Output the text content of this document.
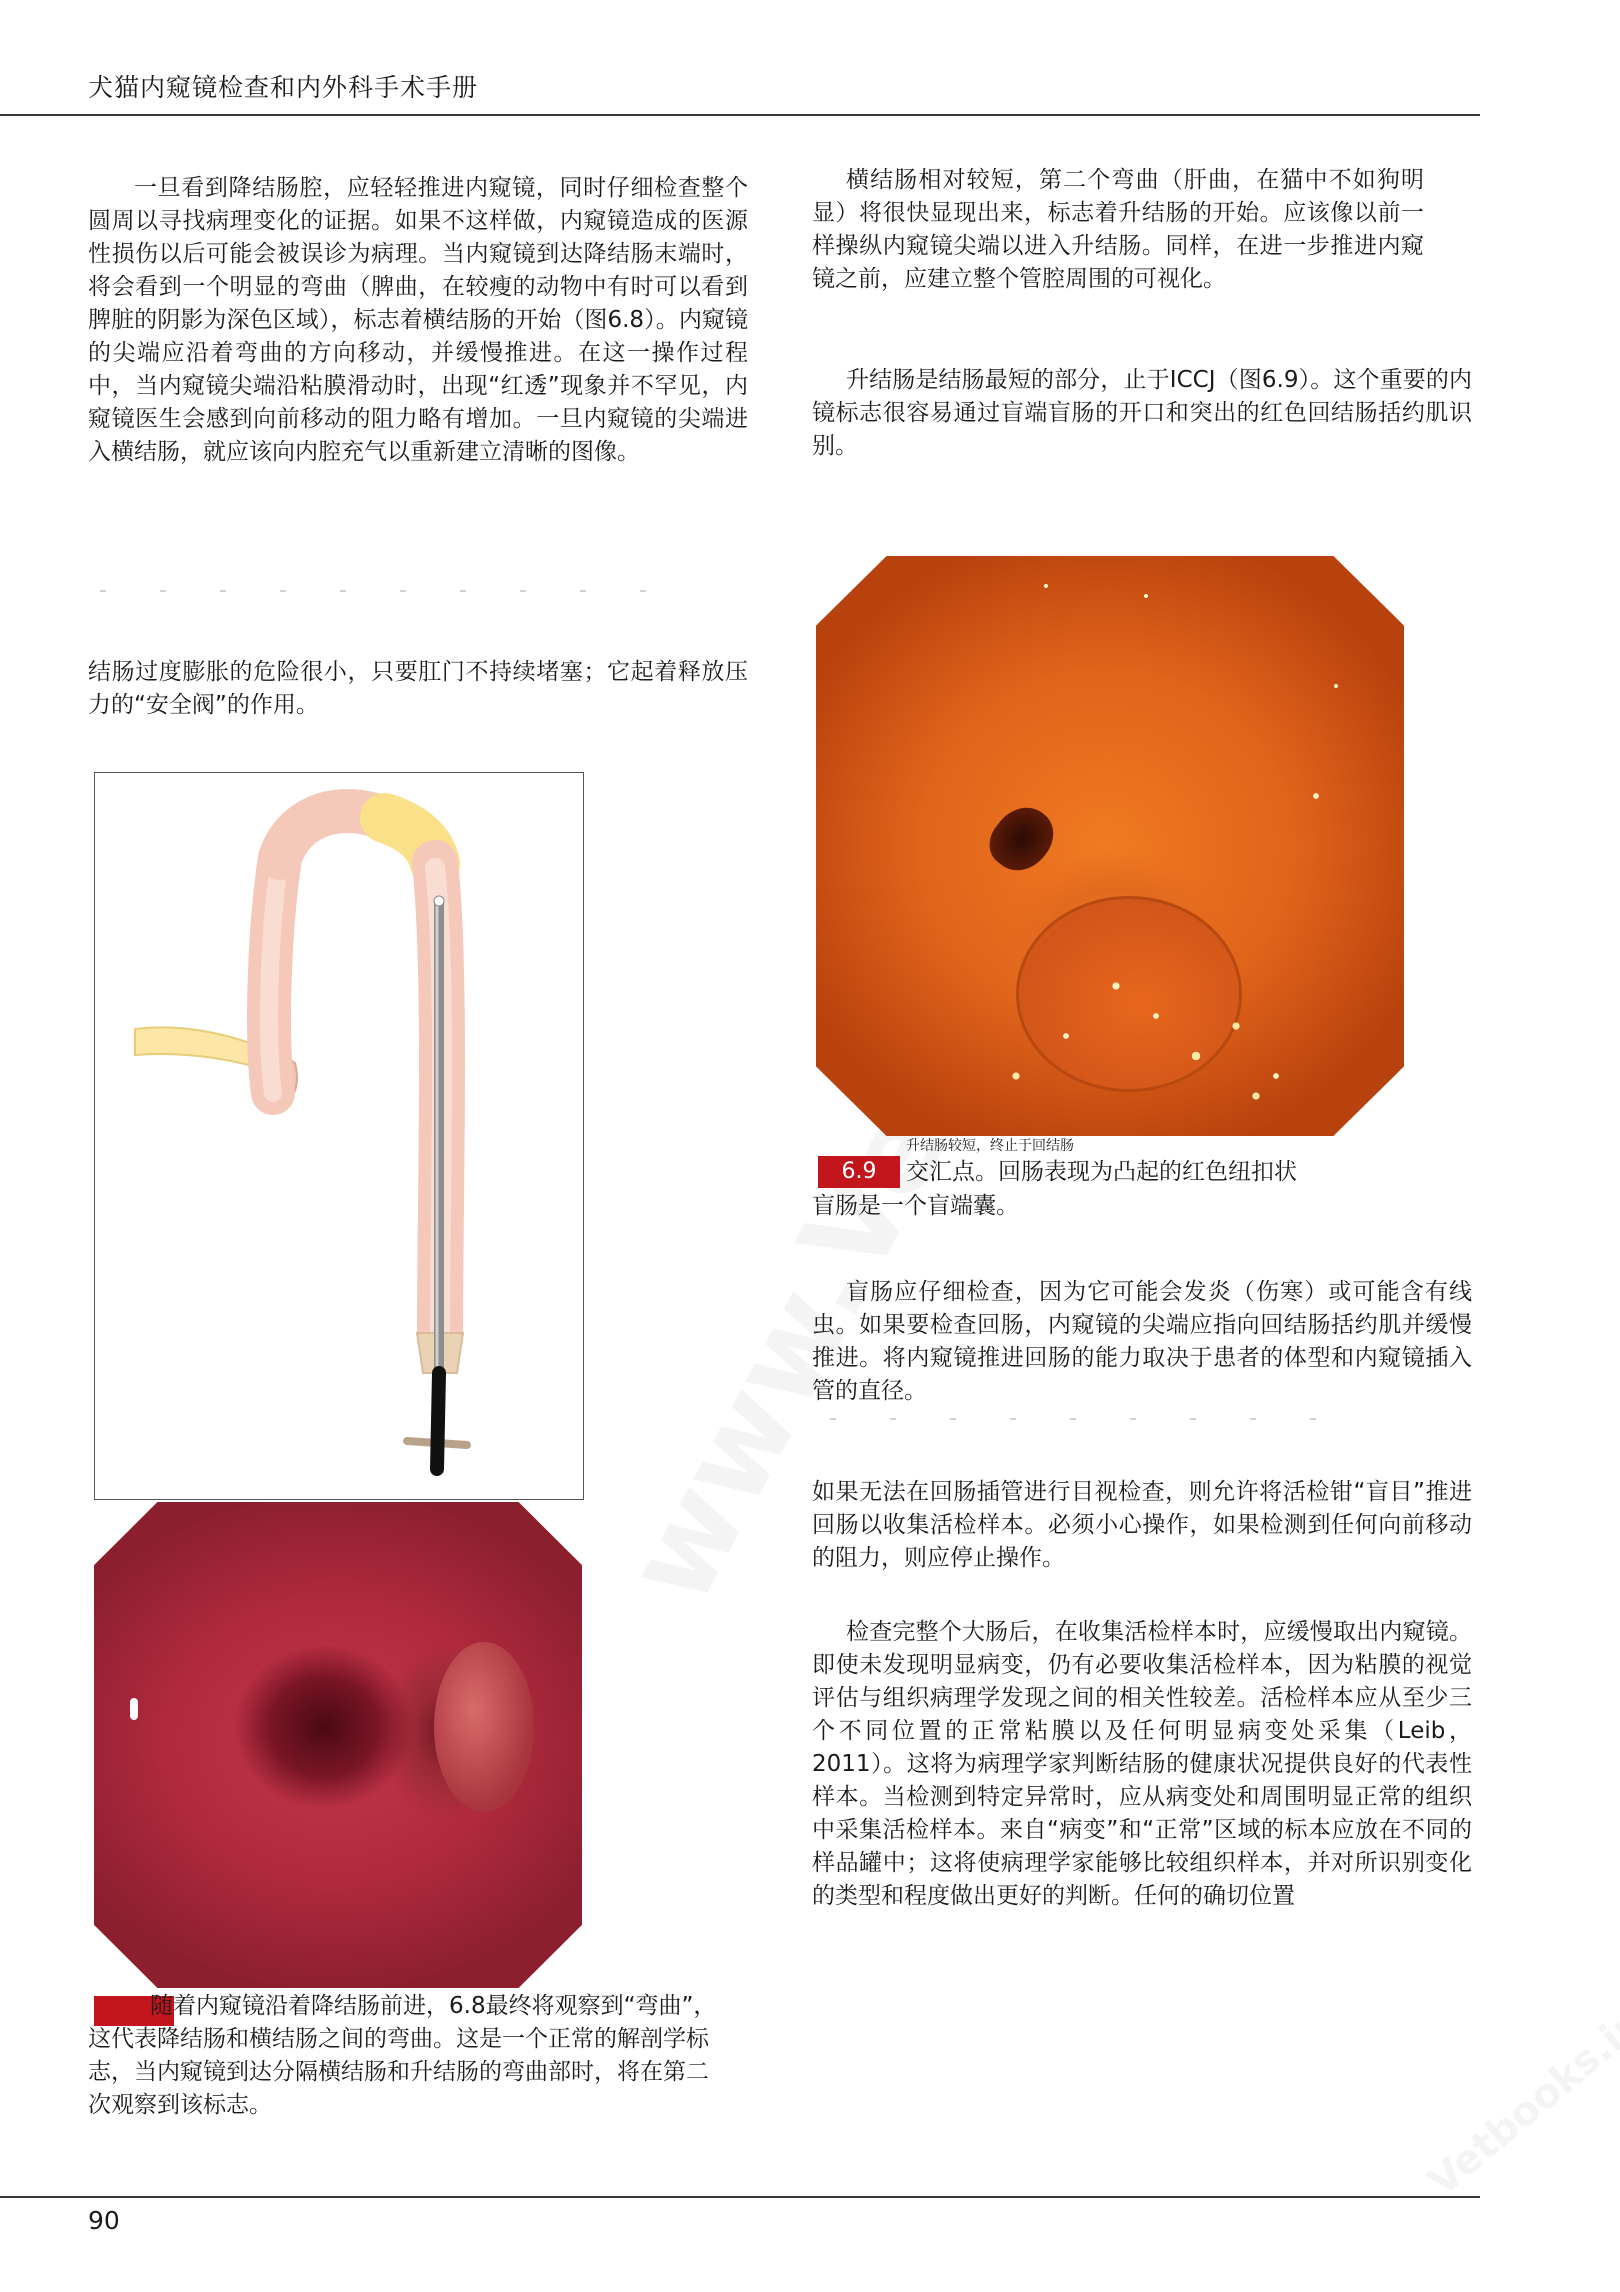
犬猫内窥镜检查和内外科手术手册

一旦看到降结肠腔，应轻轻推进内窥镜，同时仔细检查整个圆周以寻找病理变化的证据。如果不这样做，内窥镜造成的医源性损伤以后可能会被误诊为病理。当内窥镜到达降结肠末端时，将会看到一个明显的弯曲（脾曲，在较瘦的动物中有时可以看到脾脏的阴影为深色区域），标志着横结肠的开始（图6.8）。内窥镜的尖端应沿着弯曲的方向移动，并缓慢推进。在这一操作过程中，当内窥镜尖端沿粘膜滑动时，出现“红透”现象并不罕见，内窥镜医生会感到向前移动的阻力略有增加。一旦内窥镜的尖端进入横结肠，就应该向内腔充气以重新建立清晰的图像。

结肠过度膨胀的危险很小，只要肛门不持续堵塞；它起着释放压力的“安全阀”的作用。

随着内窥镜沿着降结肠前进，6.8最终将观察到“弯曲”，这代表降结肠和横结肠之间的弯曲。这是一个正常的解剖学标志，当内窥镜到达分隔横结肠和升结肠的弯曲部时，将在第二次观察到该标志。

横结肠相对较短，第二个弯曲（肝曲，在猫中不如狗明显）将很快显现出来，标志着升结肠的开始。应该像以前一样操纵内窥镜尖端以进入升结肠。同样，在进一步推进内窥镜之前，应建立整个管腔周围的可视化。

升结肠是结肠最短的部分，止于ICCJ（图6.9）。这个重要的内镜标志很容易通过盲端盲肠的开口和突出的红色回结肠括约肌识别。

升结肠较短，终止于回结肠
6.9	交汇点。回肠表现为凸起的红色纽扣状
盲肠是一个盲端囊。

盲肠应仔细检查，因为它可能会发炎（伤寒）或可能含有线虫。如果要检查回肠，内窥镜的尖端应指向回结肠括约肌并缓慢推进。将内窥镜推进回肠的能力取决于患者的体型和内窥镜插入管的直径。

如果无法在回肠插管进行目视检查，则允许将活检钳“盲目”推进回肠以收集活检样本。必须小心操作，如果检测到任何向前移动的阻力，则应停止操作。

检查完整个大肠后，在收集活检样本时，应缓慢取出内窥镜。即使未发现明显病变，仍有必要收集活检样本，因为粘膜的视觉评估与组织病理学发现之间的相关性较差。活检样本应从至少三个不同位置的正常粘膜以及任何明显病变处采集（Leib，2011）。这将为病理学家判断结肠的健康状况提供良好的代表性样本。当检测到特定异常时，应从病变处和周围明显正常的组织中采集活检样本。来自“病变”和“正常”区域的标本应放在不同的样品罐中；这将使病理学家能够比较组织样本，并对所识别变化的类型和程度做出更好的判断。任何的确切位置

90
